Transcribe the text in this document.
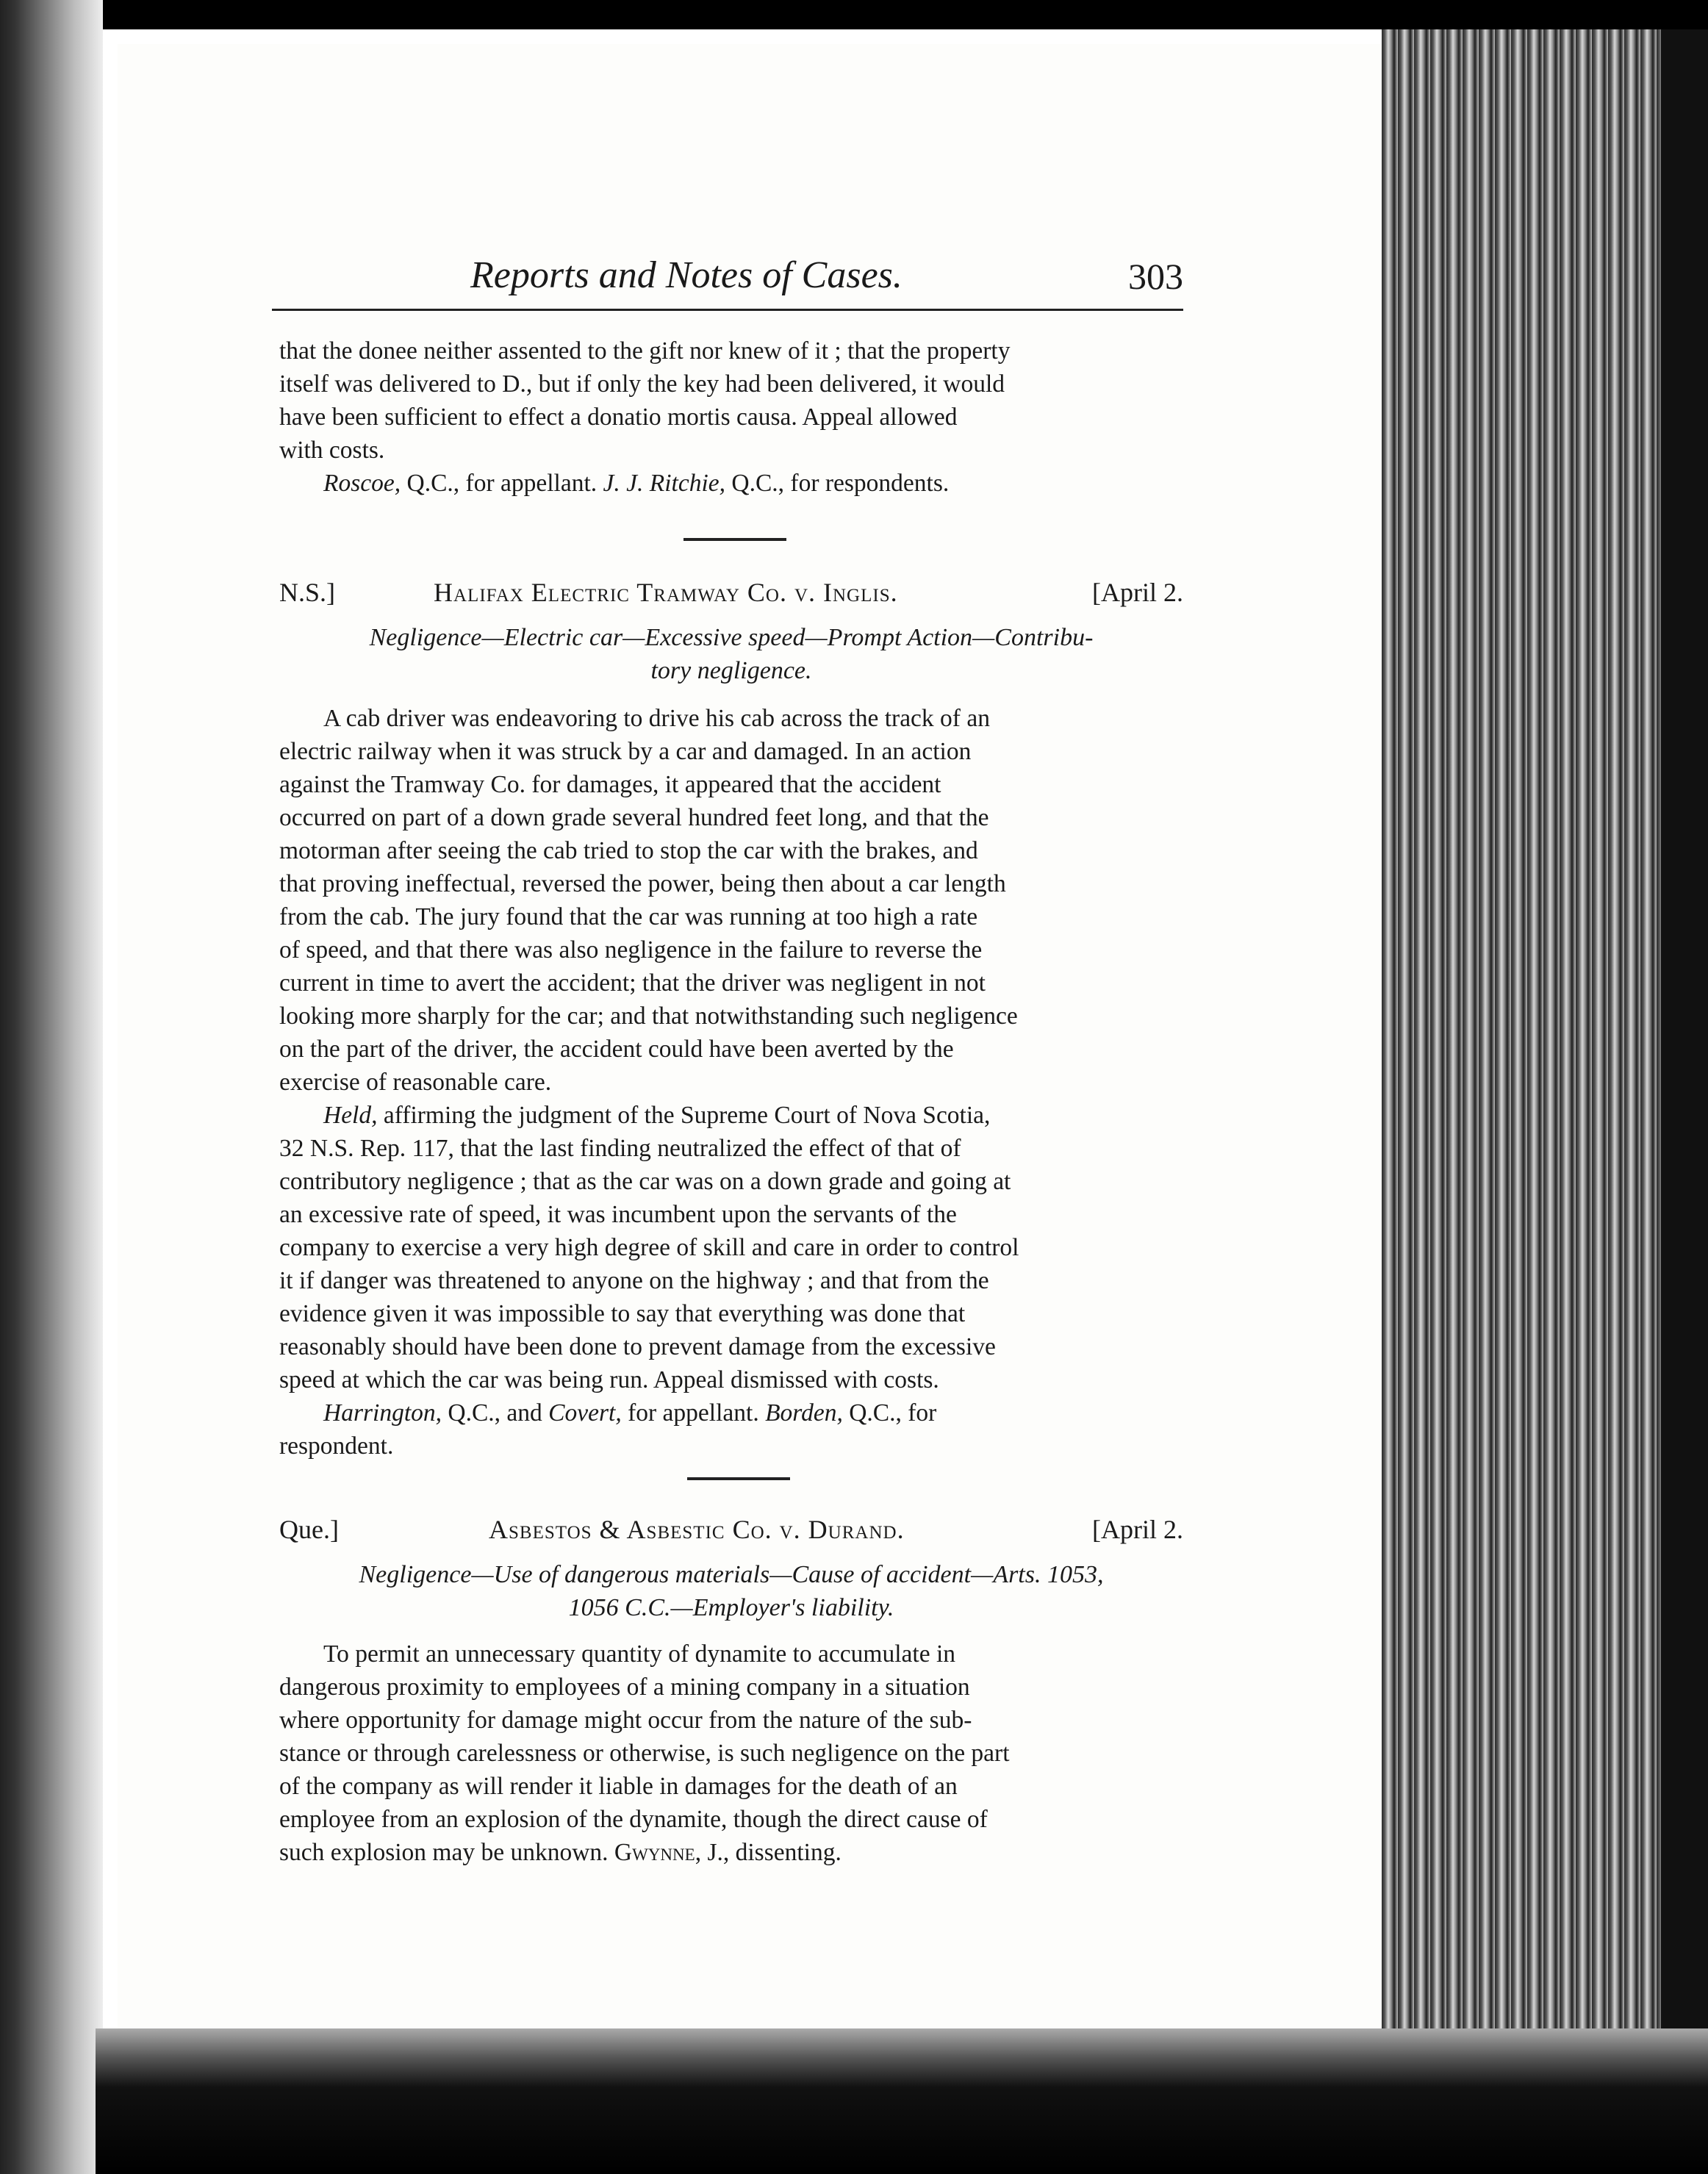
Reports and Notes of Cases.	303
that the donee neither assented to the gift nor knew of it ; that the property
itself was delivered to D., but if only the key had been delivered, it would
have been sufficient to effect a donatio mortis causa. Appeal allowed
with costs.
Roscoe, Q.C., for appellant. J. J. Ritchie, Q.C., for respondents.
N.S.]	Halifax Electric Tramway Co. v. Inglis.	[April 2.
Negligence—Electric car—Excessive speed—Prompt Action—Contribu-
tory negligence.
A cab driver was endeavoring to drive his cab across the track of an
electric railway when it was struck by a car and damaged. In an action
against the Tramway Co. for damages, it appeared that the accident
occurred on part of a down grade several hundred feet long, and that the
motorman after seeing the cab tried to stop the car with the brakes, and
that proving ineffectual, reversed the power, being then about a car length
from the cab. The jury found that the car was running at too high a rate
of speed, and that there was also negligence in the failure to reverse the
current in time to avert the accident; that the driver was negligent in not
looking more sharply for the car; and that notwithstanding such negligence
on the part of the driver, the accident could have been averted by the
exercise of reasonable care.
Held, affirming the judgment of the Supreme Court of Nova Scotia,
32 N.S. Rep. 117, that the last finding neutralized the effect of that of
contributory negligence ; that as the car was on a down grade and going at
an excessive rate of speed, it was incumbent upon the servants of the
company to exercise a very high degree of skill and care in order to control
it if danger was threatened to anyone on the highway ; and that from the
evidence given it was impossible to say that everything was done that
reasonably should have been done to prevent damage from the excessive
speed at which the car was being run. Appeal dismissed with costs.
Harrington, Q.C., and Covert, for appellant. Borden, Q.C., for
respondent.
Que.]	Asbestos & Asbestic Co. v. Durand.	[April 2.
Negligence—Use of dangerous materials—Cause of accident—Arts. 1053,
1056 C.C.—Employer's liability.
To permit an unnecessary quantity of dynamite to accumulate in
dangerous proximity to employees of a mining company in a situation
where opportunity for damage might occur from the nature of the sub-
stance or through carelessness or otherwise, is such negligence on the part
of the company as will render it liable in damages for the death of an
employee from an explosion of the dynamite, though the direct cause of
such explosion may be unknown. Gwynne, J., dissenting.
